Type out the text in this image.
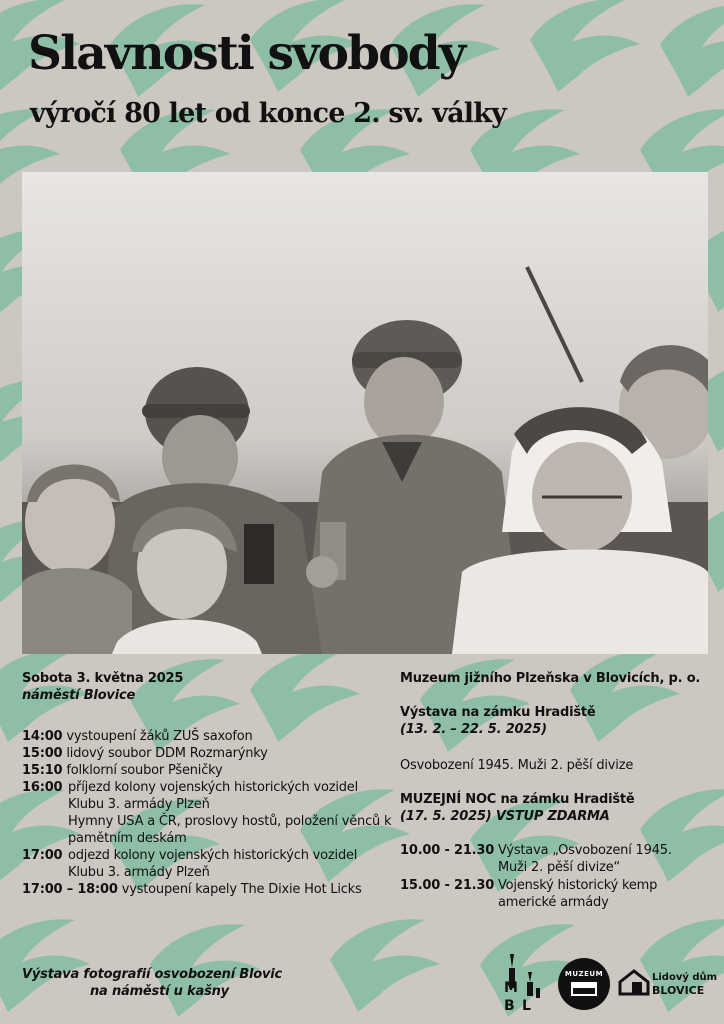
Slavnosti svobody
výročí 80 let od konce 2. sv. války
Sobota 3. května 2025
náměstí Blovice
14:00 vystoupení žáků ZUŠ saxofon
15:00 lidový soubor DDM Rozmarýnky
15:10 folklorní soubor Pšeničky
16:00 příjezd kolony vojenských historických vozidel Klubu 3. armády Plzeň
Hymny USA a ČR, proslovy hostů, položení věnců k pamětním deskám
17:00 odjezd kolony vojenských historických vozidel Klubu 3. armády Plzeň
17:00 – 18:00 vystoupení kapely The Dixie Hot Licks
Výstava fotografií osvobození Blovic
na náměstí u kašny
Muzeum jižního Plzeňska v Blovicích, p. o.
Výstava na zámku Hradiště
(13. 2. – 22. 5. 2025)
Osvobození 1945. Muži 2. pěší divize
MUZEJNÍ NOC na zámku Hradiště
(17. 5. 2025) VSTUP ZDARMA
10.00 - 21.30 Výstava „Osvobození 1945.
Muži 2. pěší divize“
15.00 - 21.30 Vojenský historický kemp
americké armády
M
B L
MUZEUM	Lidový dům
BLOVICE
